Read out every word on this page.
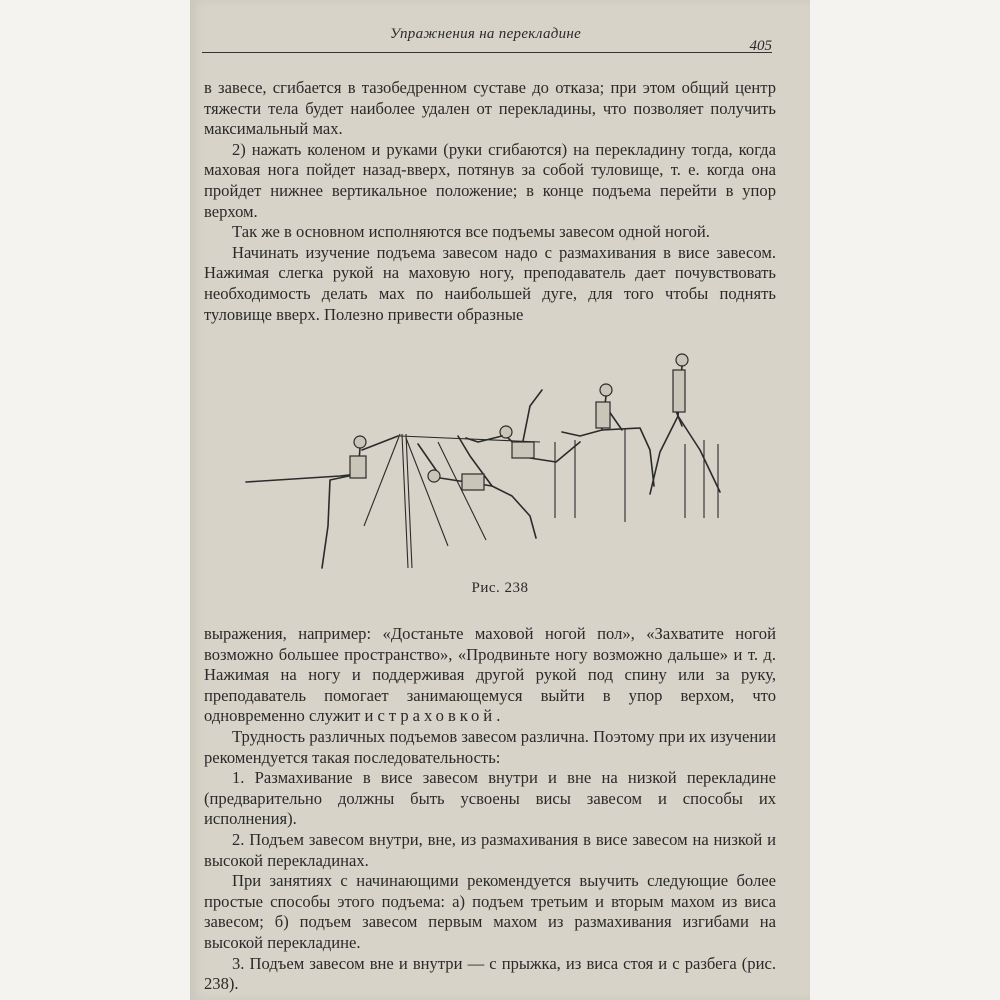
Упражнения на перекладине
405

в завесе, сгибается в тазобедренном суставе до отказа; при этом общий центр тяжести тела будет наиболее удален от перекладины, что позволяет получить максимальный мах.

2) нажать коленом и руками (руки сгибаются) на перекладину тогда, когда маховая нога пойдет назад-вверх, потянув за собой туловище, т. е. когда она пройдет нижнее вертикальное положение; в конце подъема перейти в упор верхом.

Так же в основном исполняются все подъемы завесом одной ногой.

Начинать изучение подъема завесом надо с размахивания в висе завесом. Нажимая слегка рукой на маховую ногу, преподаватель дает почувствовать необходимость делать мах по наибольшей дуге, для того чтобы поднять туловище вверх. Полезно привести образные

Рис. 238

выражения, например: «Достаньте маховой ногой пол», «Захватите ногой возможно большее пространство», «Продвиньте ногу возможно дальше» и т. д. Нажимая на ногу и поддерживая другой рукой под спину или за руку, преподаватель помогает занимающемуся выйти в упор верхом, что одновременно служит и страховкой.

Трудность различных подъемов завесом различна. Поэтому при их изучении рекомендуется такая последовательность:

1. Размахивание в висе завесом внутри и вне на низкой перекладине (предварительно должны быть усвоены висы завесом и способы их исполнения).

2. Подъем завесом внутри, вне, из размахивания в висе завесом на низкой и высокой перекладинах.

При занятиях с начинающими рекомендуется выучить следующие более простые способы этого подъема: а) подъем третьим и вторым махом из виса завесом; б) подъем завесом первым махом из размахивания изгибами на высокой перекладине.

3. Подъем завесом вне и внутри — с прыжка, из виса стоя и с разбега (рис. 238).
